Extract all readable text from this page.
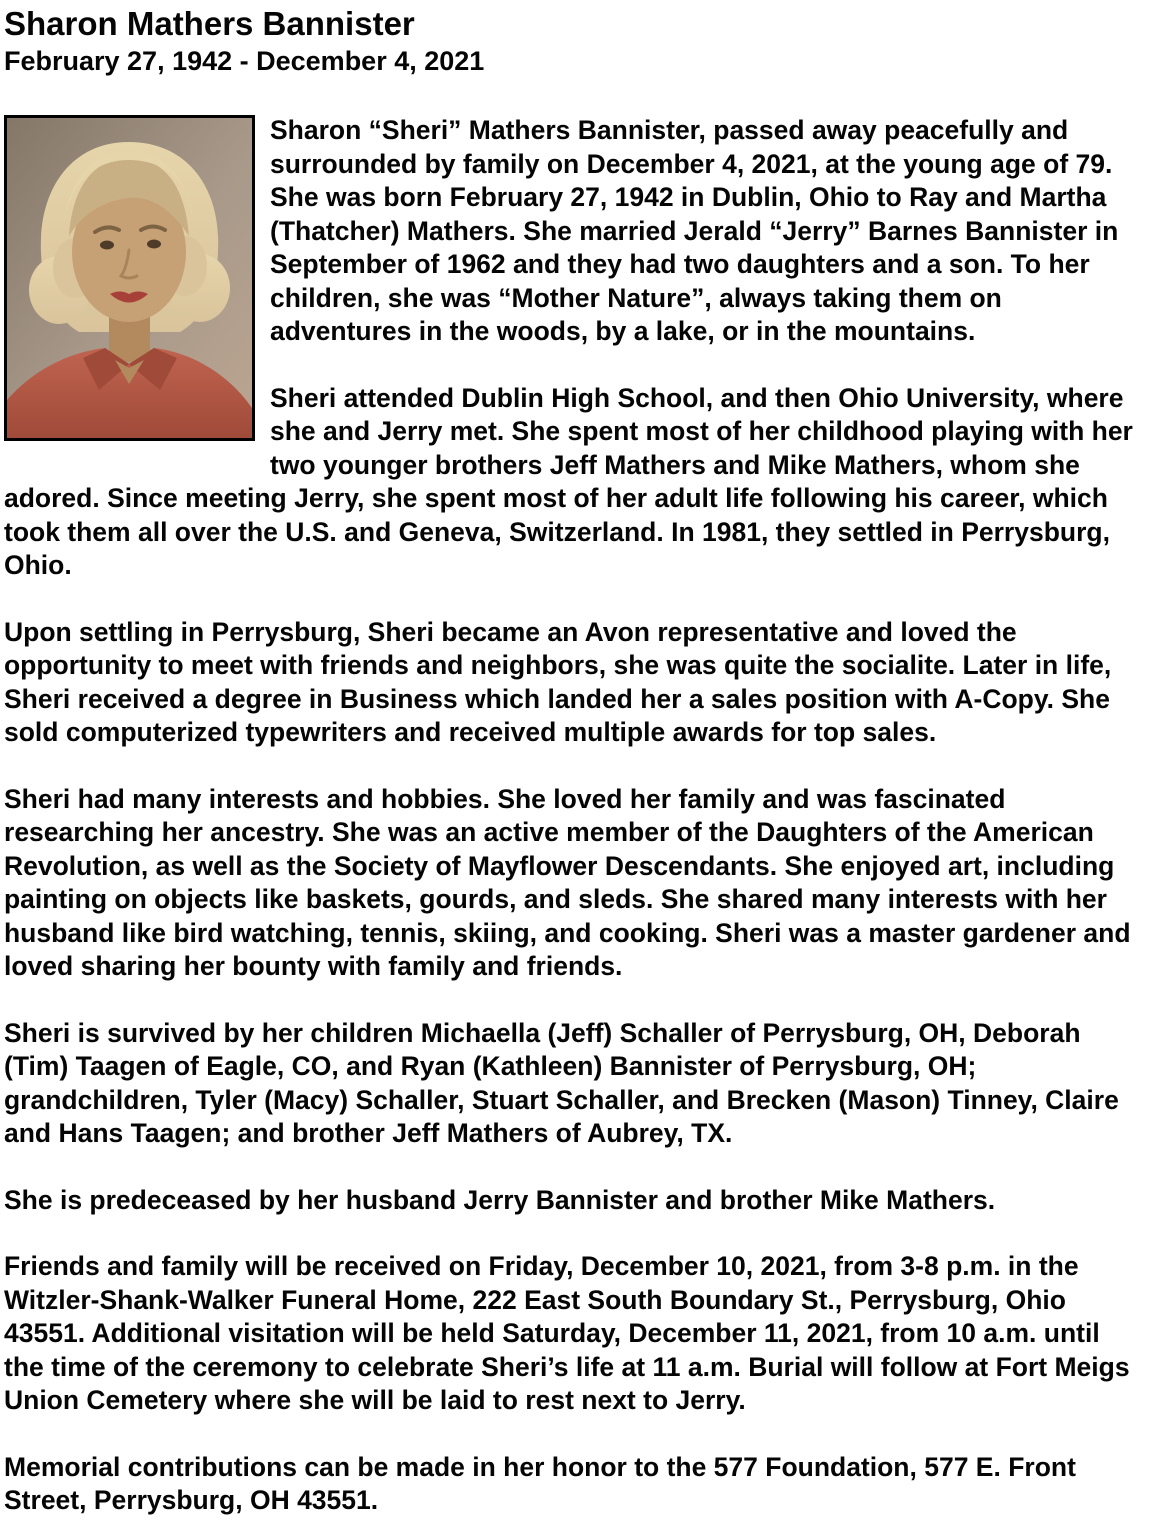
Sharon Mathers Bannister
February 27, 1942 - December 4, 2021

Sharon “Sheri” Mathers Bannister, passed away peacefully and surrounded by family on December 4, 2021, at the young age of 79. She was born February 27, 1942 in Dublin, Ohio to Ray and Martha (Thatcher) Mathers. She married Jerald “Jerry” Barnes Bannister in September of 1962 and they had two daughters and a son. To her children, she was “Mother Nature”, always taking them on adventures in the woods, by a lake, or in the mountains.

Sheri attended Dublin High School, and then Ohio University, where she and Jerry met. She spent most of her childhood playing with her two younger brothers Jeff Mathers and Mike Mathers, whom she adored. Since meeting Jerry, she spent most of her adult life following his career, which took them all over the U.S. and Geneva, Switzerland. In 1981, they settled in Perrysburg, Ohio.

Upon settling in Perrysburg, Sheri became an Avon representative and loved the opportunity to meet with friends and neighbors, she was quite the socialite. Later in life, Sheri received a degree in Business which landed her a sales position with A-Copy. She sold computerized typewriters and received multiple awards for top sales.

Sheri had many interests and hobbies. She loved her family and was fascinated researching her ancestry. She was an active member of the Daughters of the American Revolution, as well as the Society of Mayflower Descendants. She enjoyed art, including painting on objects like baskets, gourds, and sleds. She shared many interests with her husband like bird watching, tennis, skiing, and cooking. Sheri was a master gardener and loved sharing her bounty with family and friends.

Sheri is survived by her children Michaella (Jeff) Schaller of Perrysburg, OH, Deborah (Tim) Taagen of Eagle, CO, and Ryan (Kathleen) Bannister of Perrysburg, OH; grandchildren, Tyler (Macy) Schaller, Stuart Schaller, and Brecken (Mason) Tinney, Claire and Hans Taagen; and brother Jeff Mathers of Aubrey, TX.

She is predeceased by her husband Jerry Bannister and brother Mike Mathers.

Friends and family will be received on Friday, December 10, 2021, from 3-8 p.m. in the Witzler-Shank-Walker Funeral Home, 222 East South Boundary St., Perrysburg, Ohio 43551. Additional visitation will be held Saturday, December 11, 2021, from 10 a.m. until the time of the ceremony to celebrate Sheri’s life at 11 a.m. Burial will follow at Fort Meigs Union Cemetery where she will be laid to rest next to Jerry.

Memorial contributions can be made in her honor to the 577 Foundation, 577 E. Front Street, Perrysburg, OH 43551.
